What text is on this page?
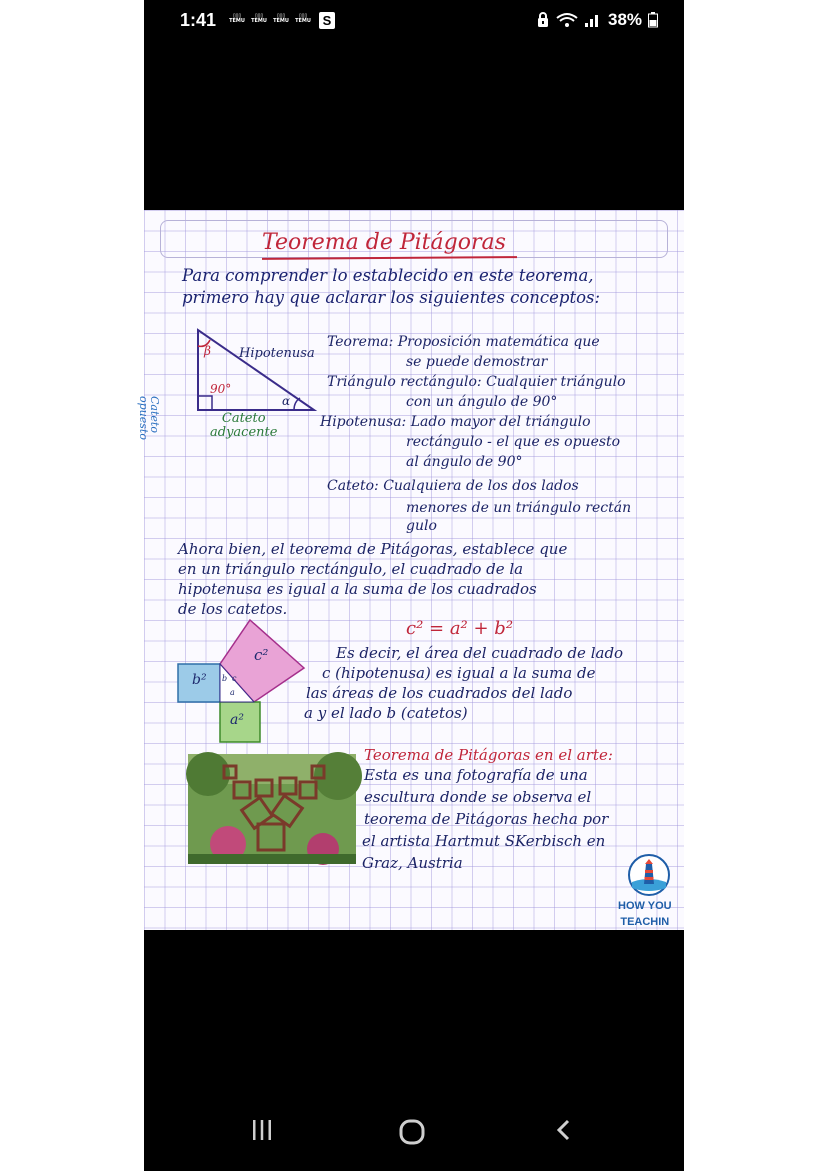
1:41	▯▯▯
TEMU
▯▯▯
TEMU
▯▯▯
TEMU
▯▯▯
TEMU S	38%
Teorema de Pitágoras
Para comprender lo establecido en este teorema,
primero hay que aclarar los siguientes conceptos:
β
α
90°
Hipotenusa
Cateto
opuesto	Cateto
adyacente
Teorema: Proposición matemática que
se puede demostrar
Triángulo rectángulo: Cualquier triángulo
con un ángulo de 90°
Hipotenusa: Lado mayor del triángulo
rectángulo - el que es opuesto
al ángulo de 90°
Cateto: Cualquiera de los dos lados
menores de un triángulo rectán
gulo
Ahora bien, el teorema de Pitágoras, establece que
en un triángulo rectángulo, el cuadrado de la
hipotenusa es igual a la suma de los cuadrados
de los catetos.
c² = a² + b²
c²
b²
a²
b c
a
Es decir, el área del cuadrado de lado
c (hipotenusa) es igual a la suma de
las áreas de los cuadrados del lado
a y el lado b (catetos)
Teorema de Pitágoras en el arte:
Esta es una fotografía de una
escultura donde se observa el
teorema de Pitágoras hecha por
el artista Hartmut SKerbisch en
Graz, Austria
HOW YOU
TEACHIN
